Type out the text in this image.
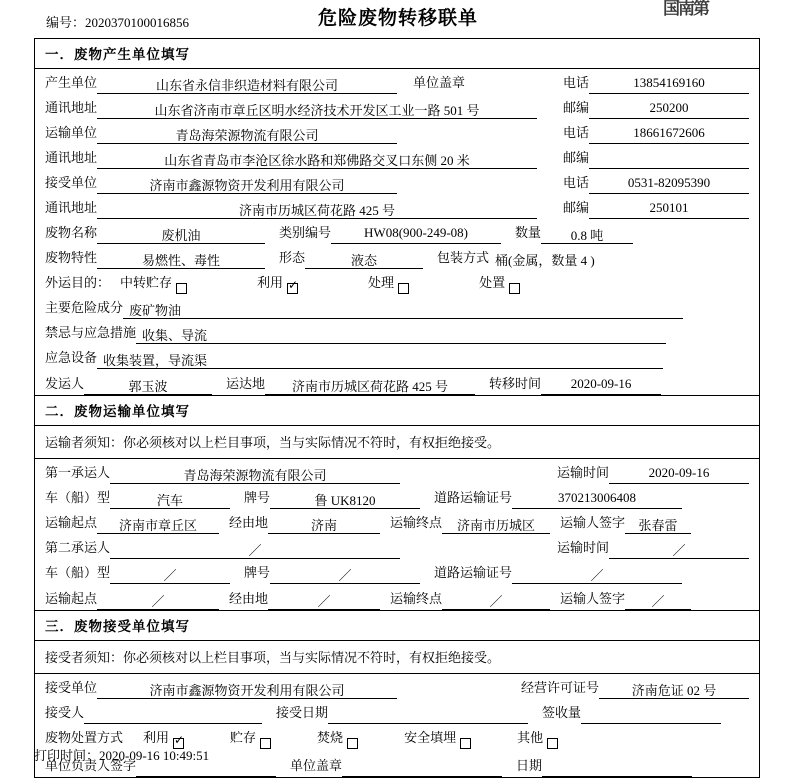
编号：2020370100016856	危险废物转移联单	国南第
一．废物产生单位填写
产生单位	山东省永信非织造材料有限公司	单位盖章	电话	13854169160
通讯地址	山东省济南市章丘区明水经济技术开发区工业一路 501 号	邮编	250200
运输单位	青岛海荣源物流有限公司	电话	18661672606
通讯地址	山东省青岛市李沧区徐水路和郑佛路交叉口东侧 20 米	邮编
接受单位	济南市鑫源物资开发利用有限公司	电话	0531-82095390
通讯地址	济南市历城区荷花路 425 号	邮编	250101
废物名称	废机油	类别编号	HW08(900-249-08)	数量	0.8 吨
废物特性	易燃性、毒性	形态	液态	包装方式 桶(金属，数量 4 )
外运目的： 中转贮存	利用 ✓	处理	处置
主要危险成分 废矿物油
禁忌与应急措施 收集、导流
应急设备 收集装置，导流渠
发运人	郭玉波	运达地	济南市历城区荷花路 425 号	转移时间	2020-09-16
二．废物运输单位填写
运输者须知：你必须核对以上栏目事项，当与实际情况不符时，有权拒绝接受。
第一承运人	青岛海荣源物流有限公司	运输时间	2020-09-16
车（船）型	汽车	牌号	鲁 UK8120	道路运输证号	370213006408
运输起点	济南市章丘区	经由地	济南	运输终点	济南市历城区	运输人签字	张春雷
第二承运人	／	运输时间	／
车（船）型	／	牌号	／	道路运输证号	／
运输起点	／	经由地	／	运输终点	／	运输人签字	／
三．废物接受单位填写
接受者须知：你必须核对以上栏目事项，当与实际情况不符时，有权拒绝接受。
接受单位	济南市鑫源物资开发利用有限公司	经营许可证号	济南危证 02 号
接受人	接受日期	签收量
废物处置方式	利用 ✓	贮存	焚烧	安全填埋	其他
单位负责人签字	单位盖章	日期
打印时间：2020-09-16 10:49:51
